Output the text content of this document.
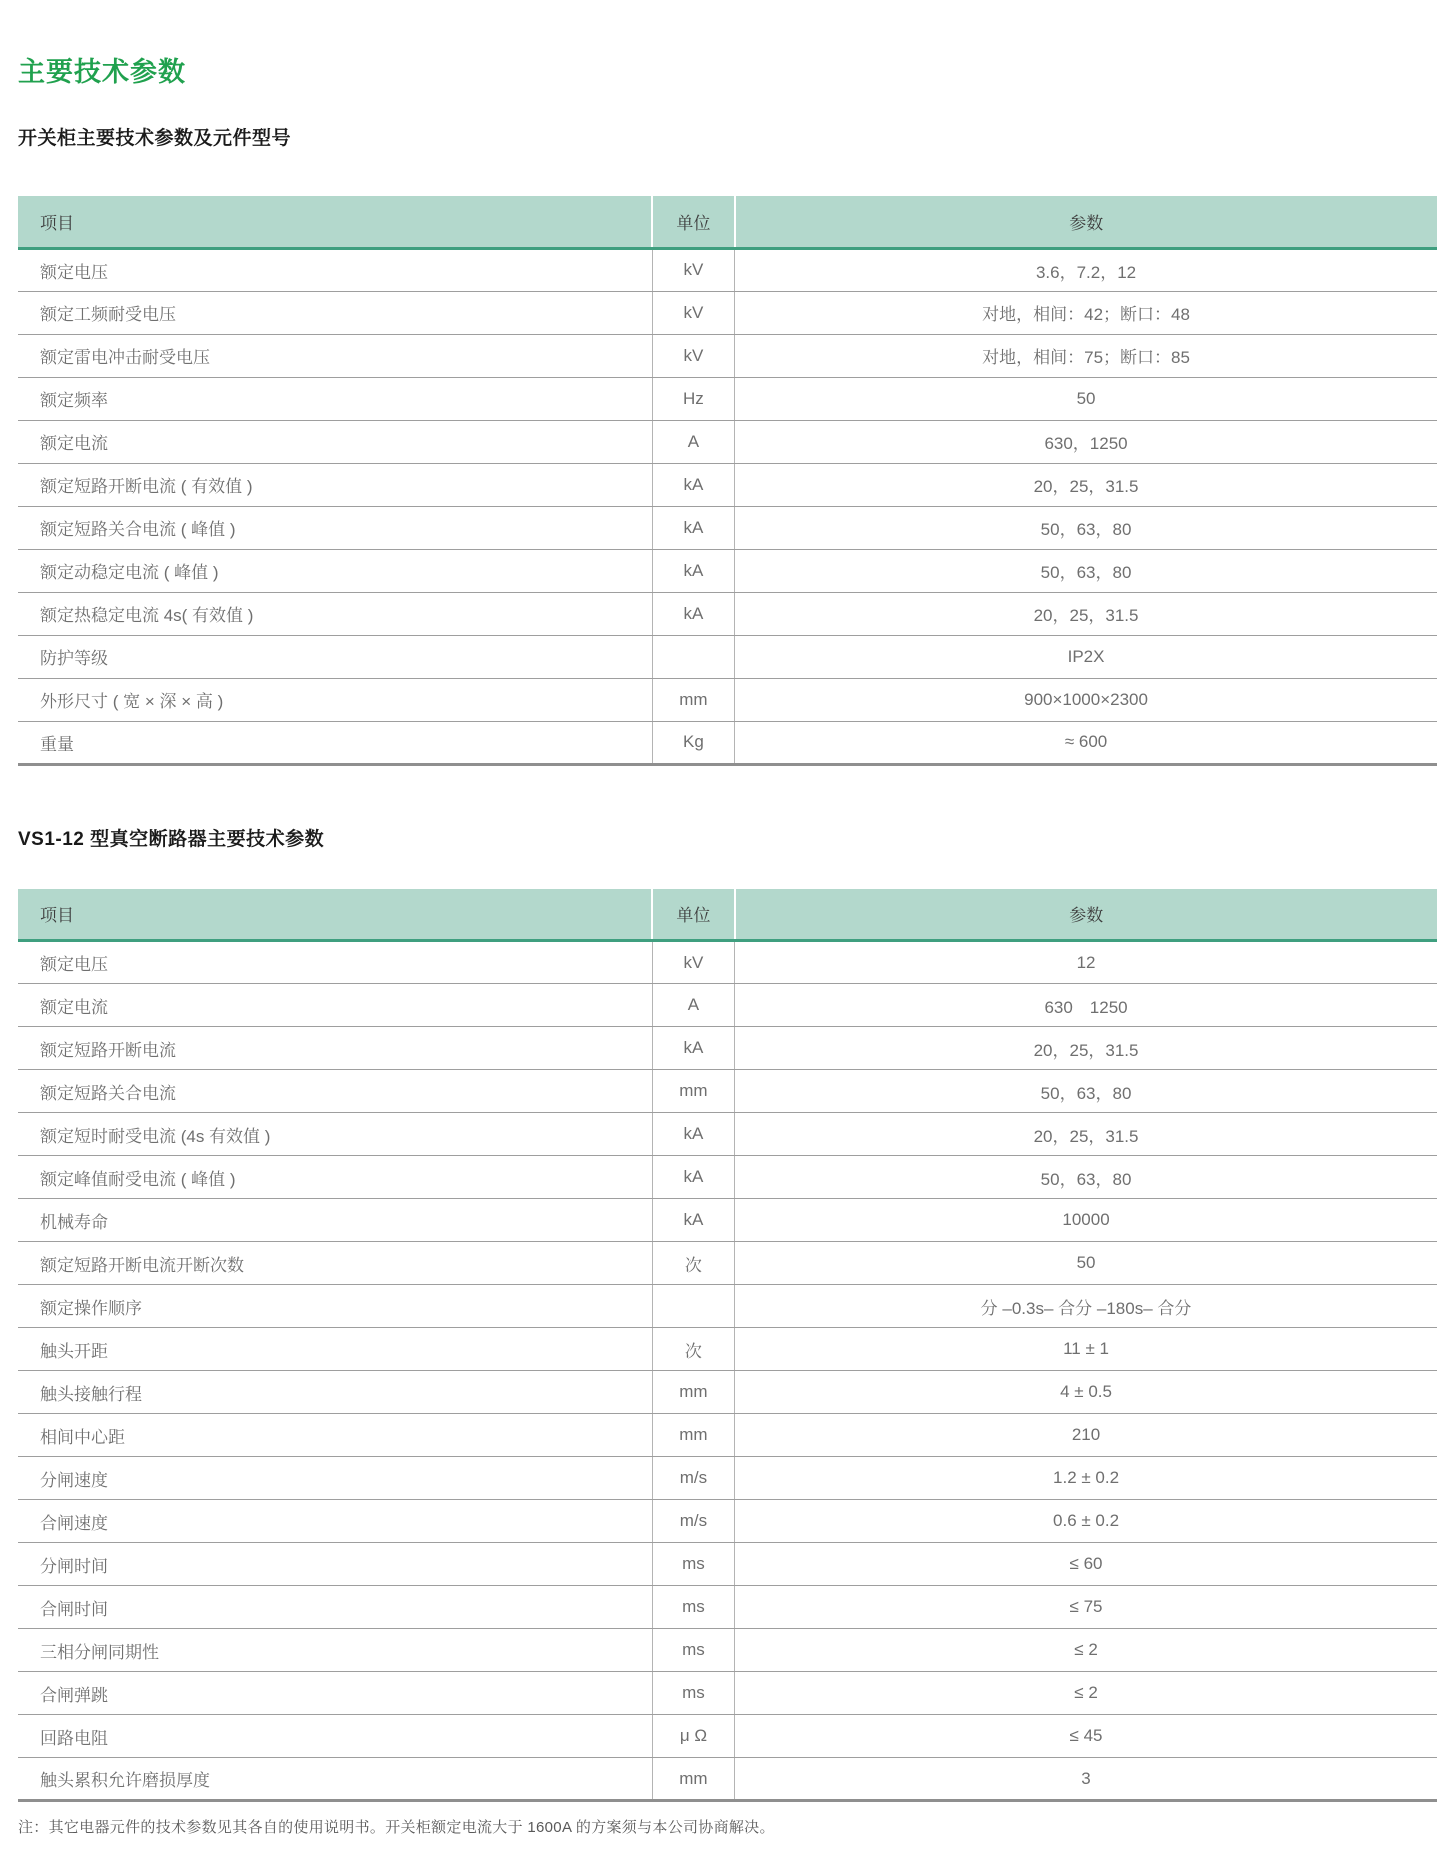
主要技术参数
开关柜主要技术参数及元件型号
项目	单位	参数
额定电压	kV	3.6，7.2，12
额定工频耐受电压	kV	对地，相间：42；断口：48
额定雷电冲击耐受电压	kV	对地，相间：75；断口：85
额定频率	Hz	50
额定电流	A	630，1250
额定短路开断电流 ( 有效值 )	kA	20，25，31.5
额定短路关合电流 ( 峰值 )	kA	50，63，80
额定动稳定电流 ( 峰值 )	kA	50，63，80
额定热稳定电流 4s( 有效值 )	kA	20，25，31.5
防护等级		IP2X
外形尺寸 ( 宽 × 深 × 高 )	mm	900×1000×2300
重量	Kg	≈ 600
VS1-12 型真空断路器主要技术参数
项目	单位	参数
额定电压	kV	12
额定电流	A	630　1250
额定短路开断电流	kA	20，25，31.5
额定短路关合电流	mm	50，63，80
额定短时耐受电流 (4s 有效值 )	kA	20，25，31.5
额定峰值耐受电流 ( 峰值 )	kA	50，63，80
机械寿命	kA	10000
额定短路开断电流开断次数	次	50
额定操作顺序		分 –0.3s– 合分 –180s– 合分
触头开距	次	11 ± 1
触头接触行程	mm	4 ± 0.5
相间中心距	mm	210
分闸速度	m/s	1.2 ± 0.2
合闸速度	m/s	0.6 ± 0.2
分闸时间	ms	≤ 60
合闸时间	ms	≤ 75
三相分闸同期性	ms	≤ 2
合闸弹跳	ms	≤ 2
回路电阻	μ Ω	≤ 45
触头累积允许磨损厚度	mm	3

注：其它电器元件的技术参数见其各自的使用说明书。开关柜额定电流大于 1600A 的方案须与本公司协商解决。
